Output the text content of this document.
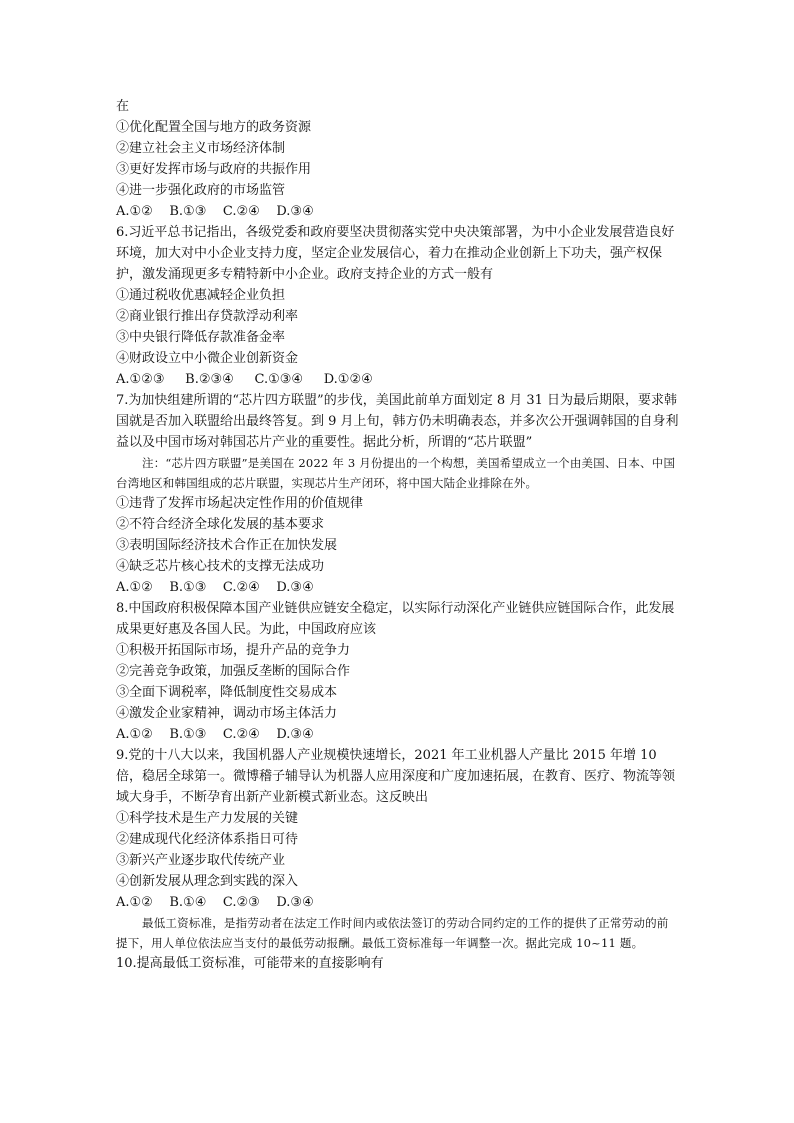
在
①优化配置全国与地方的政务资源
②建立社会主义市场经济体制
③更好发挥市场与政府的共振作用
④进一步强化政府的市场监管
A.①②    B.①③    C.②④    D.③④
6.习近平总书记指出，各级党委和政府要坚决贯彻落实党中央决策部署，为中小企业发展营造良好环境，加大对中小企业支持力度，坚定企业发展信心，着力在推动企业创新上下功夫，强产权保护，激发涌现更多专精特新中小企业。政府支持企业的方式一般有
①通过税收优惠减轻企业负担
②商业银行推出存贷款浮动利率
③中央银行降低存款准备金率
④财政设立中小微企业创新资金
A.①②③     B.②③④     C.①③④     D.①②④
7.为加快组建所谓的“芯片四方联盟”的步伐，美国此前单方面划定 8 月 31 日为最后期限，要求韩国就是否加入联盟给出最终答复。到 9 月上旬，韩方仍未明确表态，并多次公开强调韩国的自身利益以及中国市场对韩国芯片产业的重要性。据此分析，所谓的“芯片联盟”

注：“芯片四方联盟”是美国在 2022 年 3 月份提出的一个构想，美国希望成立一个由美国、日本、中国台湾地区和韩国组成的芯片联盟，实现芯片生产闭环，将中国大陆企业排除在外。

①违背了发挥市场起决定性作用的价值规律
②不符合经济全球化发展的基本要求
③表明国际经济技术合作正在加快发展
④缺乏芯片核心技术的支撑无法成功
A.①②    B.①③    C.②④    D.③④
8.中国政府积极保障本国产业链供应链安全稳定，以实际行动深化产业链供应链国际合作，此发展成果更好惠及各国人民。为此，中国政府应该
①积极开拓国际市场，提升产品的竞争力
②完善竞争政策，加强反垄断的国际合作
③全面下调税率，降低制度性交易成本
④激发企业家精神，调动市场主体活力
A.①②    B.①③    C.②④    D.③④
9.党的十八大以来，我国机器人产业规模快速增长，2021 年工业机器人产量比 2015 年增 10 倍，稳居全球第一。微博稽子辅导认为机器人应用深度和广度加速拓展，在教育、医疗、物流等领域大身手，不断孕育出新产业新模式新业态。这反映出
①科学技术是生产力发展的关键
②建成现代化经济体系指日可待
③新兴产业逐步取代传统产业
④创新发展从理念到实践的深入
A.①②    B.①④    C.②③    D.③④

最低工资标准，是指劳动者在法定工作时间内或依法签订的劳动合同约定的工作的提供了正常劳动的前提下，用人单位依法应当支付的最低劳动报酬。最低工资标准每一年调整一次。据此完成 10~11 题。

10.提高最低工资标准，可能带来的直接影响有
